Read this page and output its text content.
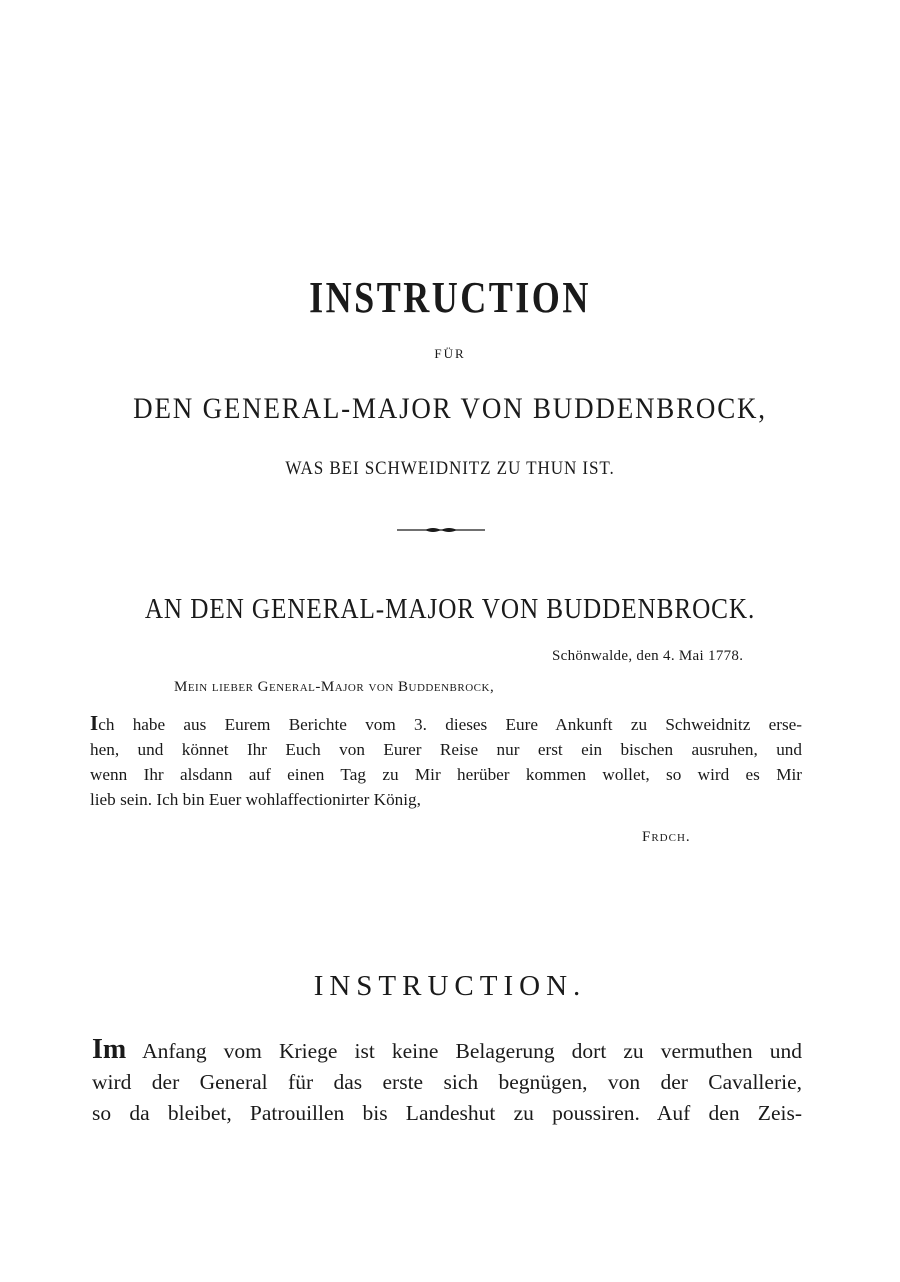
INSTRUCTION
FÜR
DEN GENERAL-MAJOR VON BUDDENBROCK,
WAS BEI SCHWEIDNITZ ZU THUN IST.
AN DEN GENERAL-MAJOR VON BUDDENBROCK.
Schönwalde, den 4. Mai 1778.
Mein lieber General-Major von Buddenbrock,
Ich habe aus Eurem Berichte vom 3. dieses Eure Ankunft zu Schweidnitz erse-
hen, und könnet Ihr Euch von Eurer Reise nur erst ein bischen ausruhen, und
wenn Ihr alsdann auf einen Tag zu Mir herüber kommen wollet, so wird es Mir
lieb sein. Ich bin Euer wohlaffectionirter König,
Frdch.
INSTRUCTION.
Im Anfang vom Kriege ist keine Belagerung dort zu vermuthen und
wird der General für das erste sich begnügen, von der Cavallerie,
so da bleibet, Patrouillen bis Landeshut zu poussiren. Auf den Zeis-
